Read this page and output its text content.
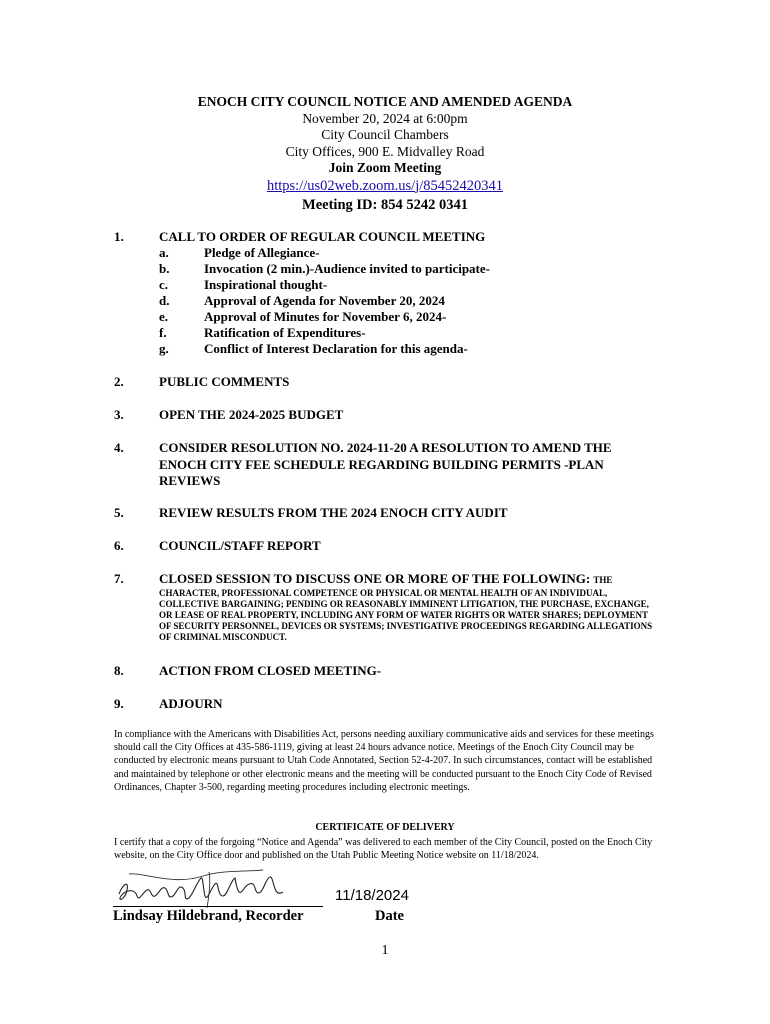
ENOCH CITY COUNCIL NOTICE AND AMENDED AGENDA
November 20, 2024 at 6:00pm
City Council Chambers
City Offices, 900 E. Midvalley Road
Join Zoom Meeting
https://us02web.zoom.us/j/85452420341
Meeting ID: 854 5242 0341
1.	CALL TO ORDER OF REGULAR COUNCIL MEETING
a.	Pledge of Allegiance-
b.	Invocation (2 min.)-Audience invited to participate-
c.	Inspirational thought-
d.	Approval of Agenda for November 20, 2024
e.	Approval of Minutes for November 6, 2024-
f.	Ratification of Expenditures-
g.	Conflict of Interest Declaration for this agenda-
2.	PUBLIC COMMENTS
3.	OPEN THE 2024-2025 BUDGET
4.	CONSIDER RESOLUTION NO. 2024-11-20 A RESOLUTION TO AMEND THE ENOCH CITY FEE SCHEDULE REGARDING BUILDING PERMITS -PLAN REVIEWS
5.	REVIEW RESULTS FROM THE 2024 ENOCH CITY AUDIT
6.	COUNCIL/STAFF REPORT
7.	CLOSED SESSION TO DISCUSS ONE OR MORE OF THE FOLLOWING: THE
CHARACTER, PROFESSIONAL COMPETENCE OR PHYSICAL OR MENTAL HEALTH OF AN INDIVIDUAL, COLLECTIVE BARGAINING; PENDING OR REASONABLY IMMINENT LITIGATION, THE PURCHASE, EXCHANGE, OR LEASE OF REAL PROPERTY, INCLUDING ANY FORM OF WATER RIGHTS OR WATER SHARES; DEPLOYMENT OF SECURITY PERSONNEL, DEVICES OR SYSTEMS; INVESTIGATIVE PROCEEDINGS REGARDING ALLEGATIONS OF CRIMINAL MISCONDUCT.
8.	ACTION FROM CLOSED MEETING-
9.	ADJOURN
In compliance with the Americans with Disabilities Act, persons needing auxiliary communicative aids and services for these meetings should call the City Offices at 435-586-1119, giving at least 24 hours advance notice. Meetings of the Enoch City Council may be conducted by electronic means pursuant to Utah Code Annotated, Section 52-4-207. In such circumstances, contact will be established and maintained by telephone or other electronic means and the meeting will be conducted pursuant to the Enoch City Code of Revised Ordinances, Chapter 3-500, regarding meeting procedures including electronic meetings.
CERTIFICATE OF DELIVERY
I certify that a copy of the forgoing “Notice and Agenda” was delivered to each member of the City Council, posted on the Enoch City website, on the City Office door and published on the Utah Public Meeting Notice website on 11/18/2024.
11/18/2024
Lindsay Hildebrand, Recorder	Date
1
